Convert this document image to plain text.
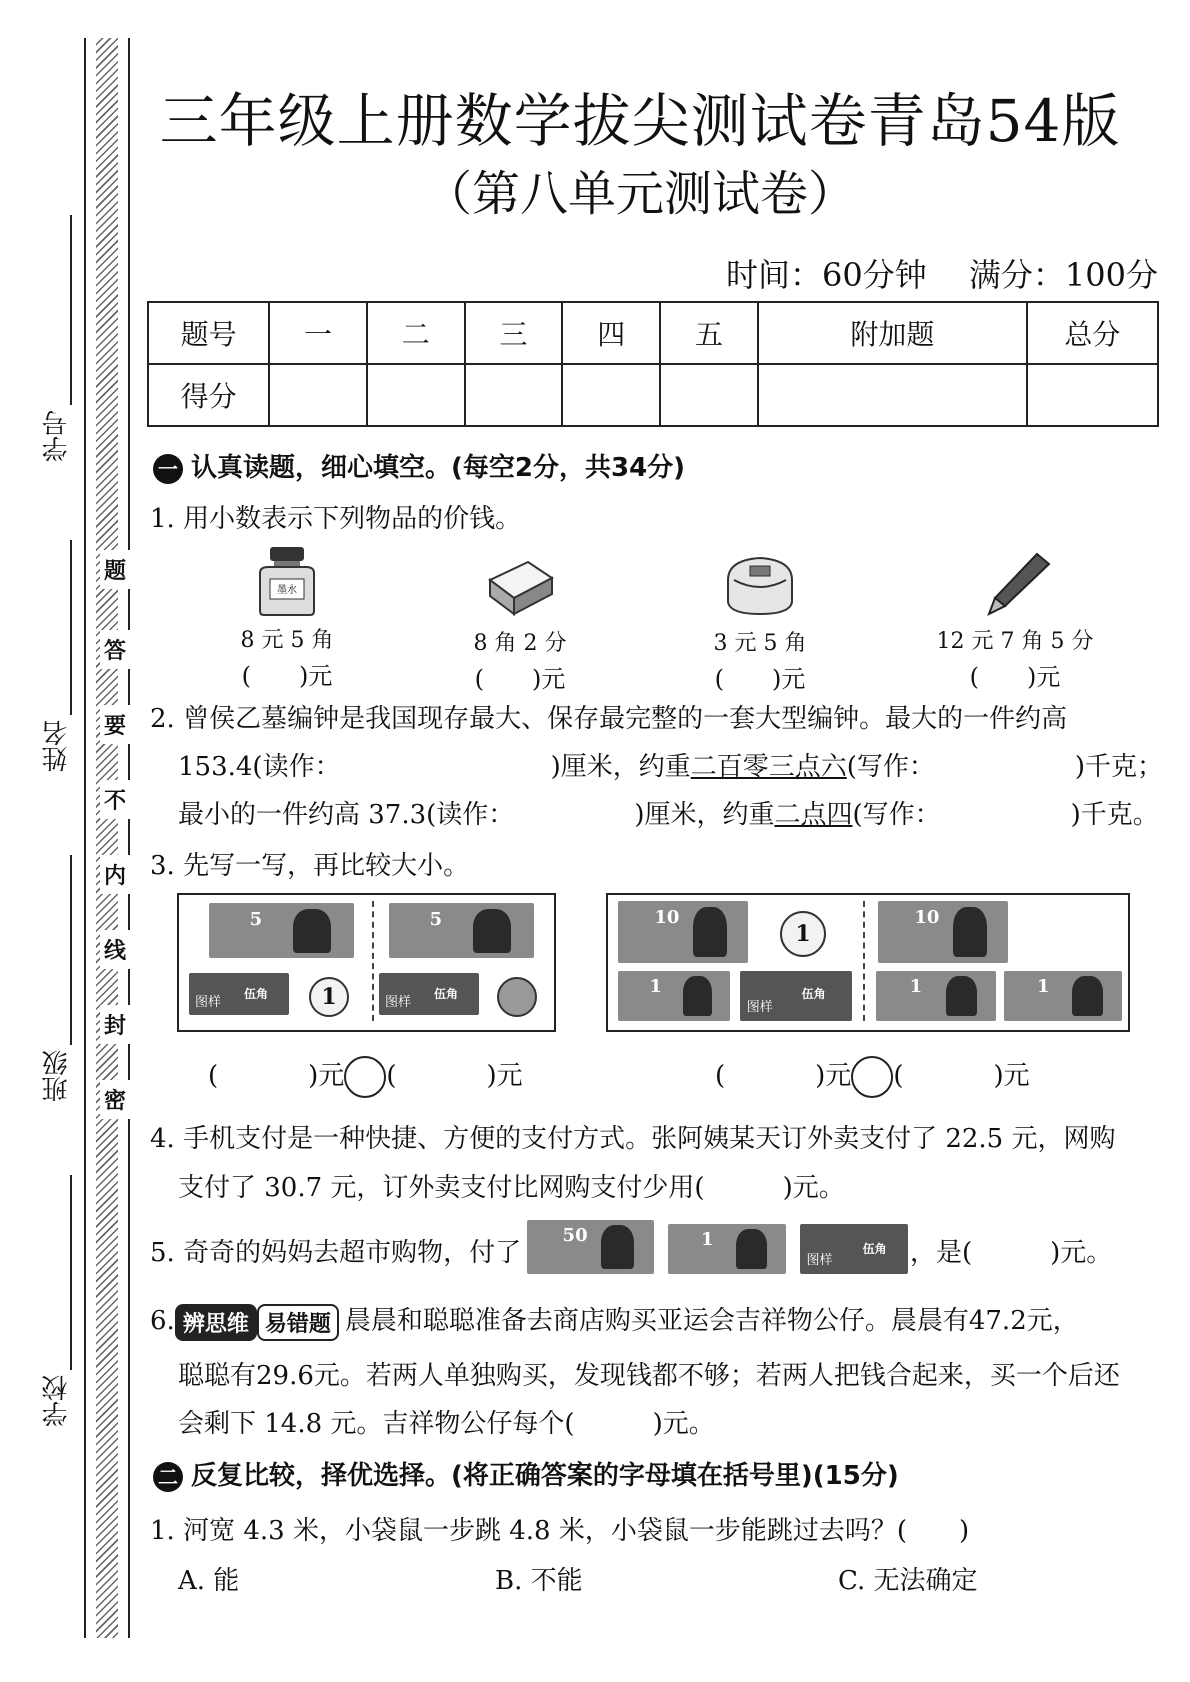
学号
姓名
班级
学校
题
答
要
不
内
线
封
密
三年级上册数学拔尖测试卷青岛54版
（第八单元测试卷）
时间：60分钟　 满分：100分
题号	一	二	三	四	五	附加题	总分
得分							
一 认真读题，细心填空。(每空2分，共34分)
1. 用小数表示下列物品的价钱。
墨水
8 元 5 角
(　　)元
8 角 2 分
(　　)元
3 元 5 角
(　　)元
12 元 7 角 5 分
(　　)元
2. 曾侯乙墓编钟是我国现存最大、保存最完整的一套大型编钟。最大的一件约高
153.4(读作：	)厘米，约重二百零三点六(写作：	)千克；
最小的一件约高 37.3(读作：	)厘米，约重二点四(写作：	)千克。
3. 先写一写，再比较大小。
5
图样
伍角	1
5
图样
伍角
10
1
1
图样
伍角
10
1	1
(	)元 (	)元	(	)元 (	)元
4. 手机支付是一种快捷、方便的支付方式。张阿姨某天订外卖支付了 22.5 元，网购
支付了 30.7 元，订外卖支付比网购支付少用(　　　)元。
5. 奇奇的妈妈去超市购物，付了
50	1
图样
伍角 ，是(　　　)元。
6. 辨思维 易错题 晨晨和聪聪准备去商店购买亚运会吉祥物公仔。晨晨有47.2元，
聪聪有29.6元。若两人单独购买，发现钱都不够；若两人把钱合起来，买一个后还
会剩下 14.8 元。吉祥物公仔每个(　　　)元。
二 反复比较，择优选择。(将正确答案的字母填在括号里)(15分)
1. 河宽 4.3 米，小袋鼠一步跳 4.8 米，小袋鼠一步能跳过去吗？(　　)
A. 能	B. 不能	C. 无法确定
